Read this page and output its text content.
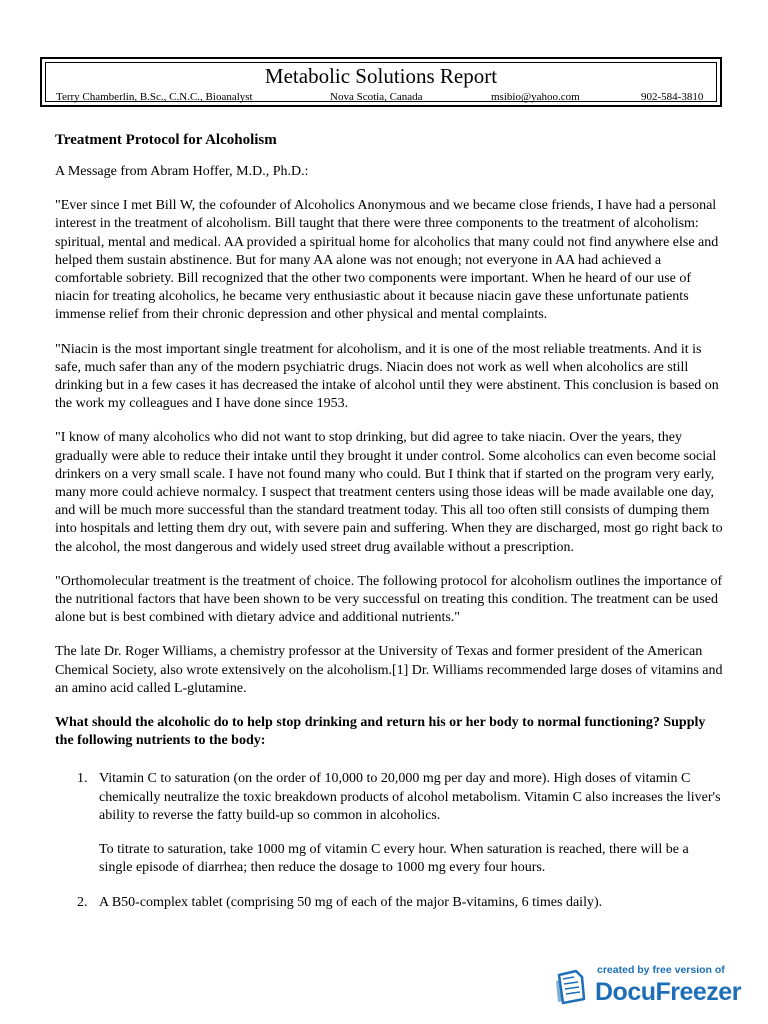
Metabolic Solutions Report
Terry Chamberlin, B.Sc., C.N.C., Bioanalyst	Nova Scotia, Canada	msibio@yahoo.com	902-584-3810
Treatment Protocol for Alcoholism
A Message from Abram Hoffer, M.D., Ph.D.:
"Ever since I met Bill W, the cofounder of Alcoholics Anonymous and we became close friends, I have had a personal interest in the treatment of alcoholism. Bill taught that there were three components to the treatment of alcoholism: spiritual, mental and medical. AA provided a spiritual home for alcoholics that many could not find anywhere else and helped them sustain abstinence. But for many AA alone was not enough; not everyone in AA had achieved a comfortable sobriety. Bill recognized that the other two components were important. When he heard of our use of niacin for treating alcoholics, he became very enthusiastic about it because niacin gave these unfortunate patients immense relief from their chronic depression and other physical and mental complaints.
"Niacin is the most important single treatment for alcoholism, and it is one of the most reliable treatments. And it is safe, much safer than any of the modern psychiatric drugs. Niacin does not work as well when alcoholics are still drinking but in a few cases it has decreased the intake of alcohol until they were abstinent. This conclusion is based on the work my colleagues and I have done since 1953.
"I know of many alcoholics who did not want to stop drinking, but did agree to take niacin. Over the years, they gradually were able to reduce their intake until they brought it under control. Some alcoholics can even become social drinkers on a very small scale. I have not found many who could. But I think that if started on the program very early, many more could achieve normalcy. I suspect that treatment centers using those ideas will be made available one day, and will be much more successful than the standard treatment today. This all too often still consists of dumping them into hospitals and letting them dry out, with severe pain and suffering. When they are discharged, most go right back to the alcohol, the most dangerous and widely used street drug available without a prescription.
"Orthomolecular treatment is the treatment of choice. The following protocol for alcoholism outlines the importance of the nutritional factors that have been shown to be very successful on treating this condition. The treatment can be used alone but is best combined with dietary advice and additional nutrients."
The late Dr. Roger Williams, a chemistry professor at the University of Texas and former president of the American Chemical Society, also wrote extensively on the alcoholism.[1] Dr. Williams recommended large doses of vitamins and an amino acid called L-glutamine.
What should the alcoholic do to help stop drinking and return his or her body to normal functioning? Supply the following nutrients to the body:
1. Vitamin C to saturation (on the order of 10,000 to 20,000 mg per day and more). High doses of vitamin C chemically neutralize the toxic breakdown products of alcohol metabolism. Vitamin C also increases the liver's ability to reverse the fatty build-up so common in alcoholics.
To titrate to saturation, take 1000 mg of vitamin C every hour. When saturation is reached, there will be a single episode of diarrhea; then reduce the dosage to 1000 mg every four hours.
2. A B50-complex tablet (comprising 50 mg of each of the major B-vitamins, 6 times daily).
created by free version of
DocuFreezer
